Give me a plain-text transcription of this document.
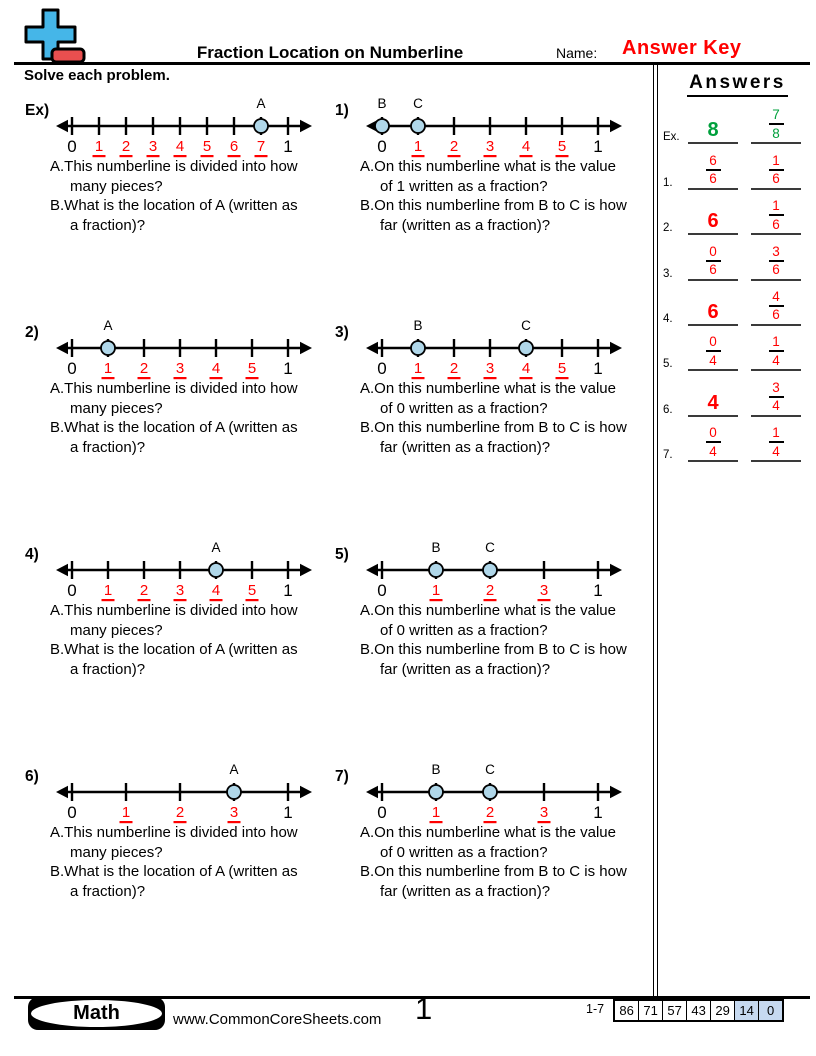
Fraction Location on Numberline	Name: Answer Key
Solve each problem.
Ex)
0	1
1 2 3 4 5 6 7
A
A.This numberline is divided into how
many pieces?
B.What is the location of A (written as
a fraction)?
1)
0	1
1 2 3 4 5
B C
A.On this numberline what is the value
of 1 written as a fraction?
B.On this numberline from B to C is how
far (written as a fraction)?
2)
0	1
1 2 3 4 5
A
A.This numberline is divided into how
many pieces?
B.What is the location of A (written as
a fraction)?
3)
0	1
1 2 3 4 5
B	C
A.On this numberline what is the value
of 0 written as a fraction?
B.On this numberline from B to C is how
far (written as a fraction)?
4)
0	1
1 2 3 4 5
A
A.This numberline is divided into how
many pieces?
B.What is the location of A (written as
a fraction)?
5)
0	1
1	2	3
B	C
A.On this numberline what is the value
of 0 written as a fraction?
B.On this numberline from B to C is how
far (written as a fraction)?
6)
0	1
1	2	3
A
A.This numberline is divided into how
many pieces?
B.What is the location of A (written as
a fraction)?
7)
0	1
1	2	3
B	C
A.On this numberline what is the value
of 0 written as a fraction?
B.On this numberline from B to C is how
far (written as a fraction)?
Answers
Ex. 8	$\frac{7}{8}$
1.	$\frac{6}{6}$	$\frac{1}{6}$
2.	6	$\frac{1}{6}$
3.	$\frac{0}{6}$	$\frac{3}{6}$
4.	6	$\frac{4}{6}$
5.	$\frac{0}{4}$	$\frac{1}{4}$
6.	4	$\frac{3}{4}$
7.	$\frac{0}{4}$	$\frac{1}{4}$
Math	www.CommonCoreSheets.com 1	1-7	86 71 57 43 29 14	0
